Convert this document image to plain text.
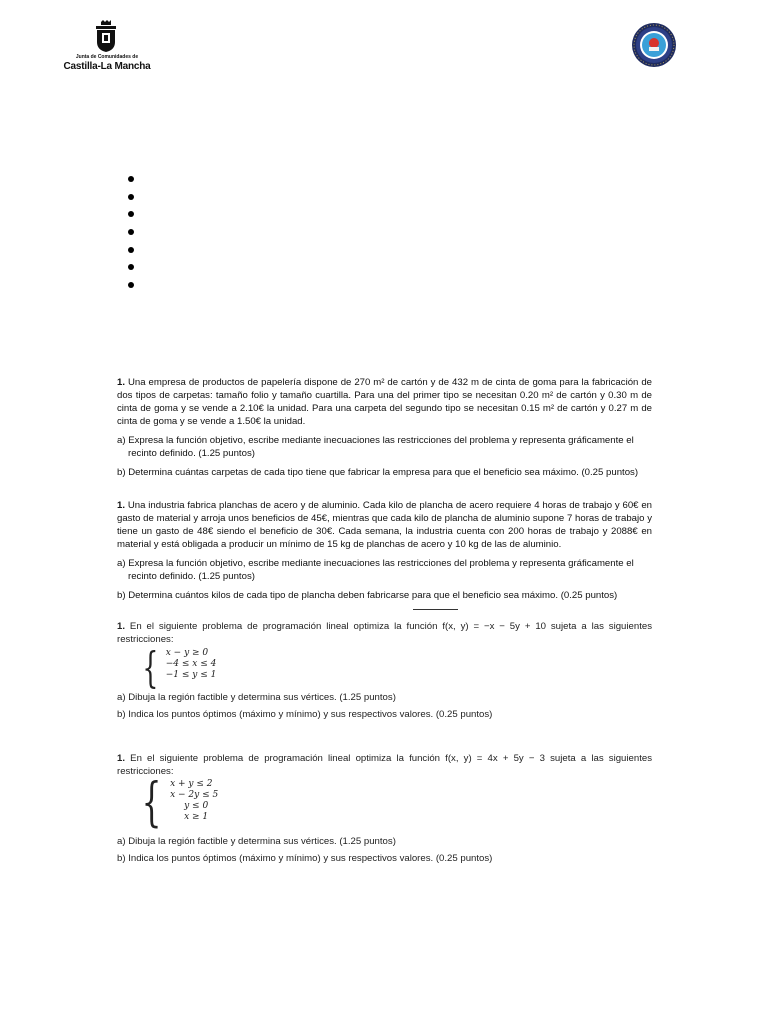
Junta de Comunidades de
Castilla-La Mancha

1. Una empresa de productos de papelería dispone de 270 m² de cartón y de 432 m de cinta de goma para la fabricación de dos tipos de carpetas: tamaño folio y tamaño cuartilla. Para una del primer tipo se necesitan 0.20 m² de cartón y 0.30 m de cinta de goma y se vende a 2.10€ la unidad. Para una carpeta del segundo tipo se necesitan 0.15 m² de cartón y 0.27 m de cinta de goma y se vende a 1.50€ la unidad.

a) Expresa la función objetivo, escribe mediante inecuaciones las restricciones del problema y representa gráficamente el recinto definido. (1.25 puntos)

b) Determina cuántas carpetas de cada tipo tiene que fabricar la empresa para que el beneficio sea máximo. (0.25 puntos)

1. Una industria fabrica planchas de acero y de aluminio. Cada kilo de plancha de acero requiere 4 horas de trabajo y 60€ en gasto de material y arroja unos beneficios de 45€, mientras que cada kilo de plancha de aluminio supone 7 horas de trabajo y tiene un gasto de 48€ siendo el beneficio de 30€. Cada semana, la industria cuenta con 200 horas de trabajo y 2088€ en material y está obligada a producir un mínimo de 15 kg de planchas de acero y 10 kg de las de aluminio.

a) Expresa la función objetivo, escribe mediante inecuaciones las restricciones del problema y representa gráficamente el recinto definido. (1.25 puntos)

b) Determina cuántos kilos de cada tipo de plancha deben fabricarse para que el beneficio sea máximo. (0.25 puntos)

1. En el siguiente problema de programación lineal optimiza la función f(x, y) = −x − 5y + 10 sujeta a las siguientes restricciones:

{ x − y ≥ 0
−4 ≤ x ≤ 4
−1 ≤ y ≤ 1

a) Dibuja la región factible y determina sus vértices. (1.25 puntos)

b) Indica los puntos óptimos (máximo y mínimo) y sus respectivos valores. (0.25 puntos)

1. En el siguiente problema de programación lineal optimiza la función f(x, y) = 4x + 5y − 3 sujeta a las siguientes restricciones:

{ x + y ≤ 2
x − 2y ≤ 5
y ≤ 0
x ≥ 1

a) Dibuja la región factible y determina sus vértices. (1.25 puntos)

b) Indica los puntos óptimos (máximo y mínimo) y sus respectivos valores. (0.25 puntos)
